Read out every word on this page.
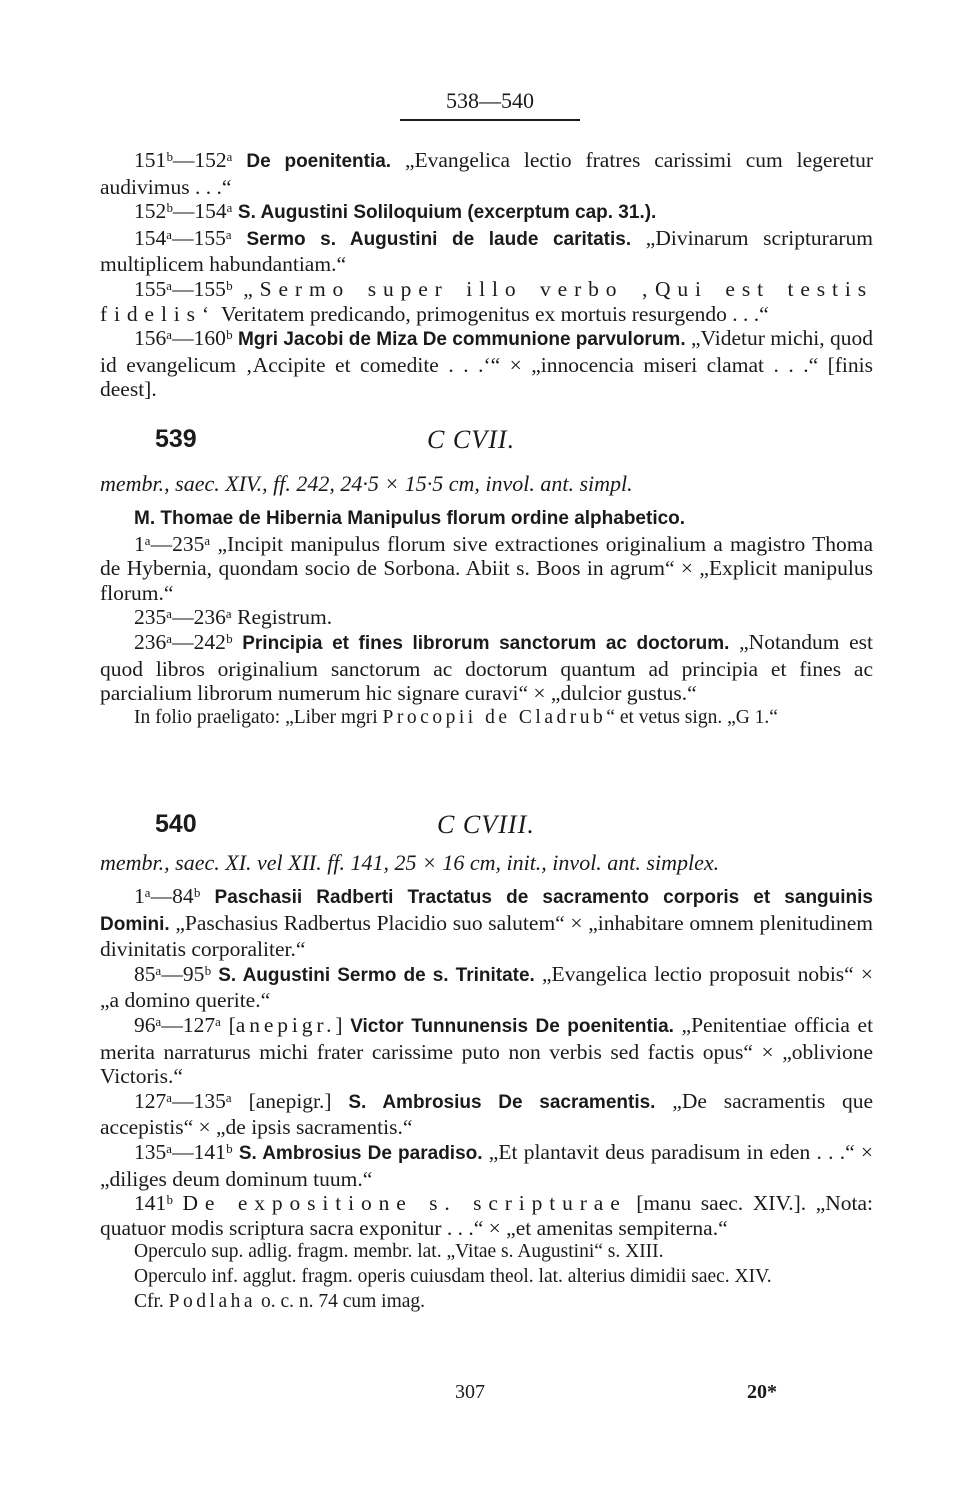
538—540

151ᵇ—152ᵃ De poenitentia. „Evangelica lectio fratres carissimi cum legeretur audivimus . . .“

152ᵇ—154ᵃ S. Augustini Soliloquium (excerptum cap. 31.).

154ᵃ—155ᵃ Sermo s. Augustini de laude caritatis. „Divinarum scripturarum multiplicem habundantiam.“

155ᵃ—155ᵇ „Sermo super illo verbo ‚Qui est testis fidelis‘ Veritatem predicando, primogenitus ex mortuis resurgendo . . .“

156ᵃ—160ᵇ Mgri Jacobi de Miza De communione parvulorum. „Videtur michi, quod id evangelicum ‚Accipite et comedite . . .‘“ × „innocencia miseri clamat . . .“ [finis deest].

539	C CVII.
membr., saec. XIV., ff. 242, 24·5 × 15·5 cm, invol. ant. simpl.

M. Thomae de Hibernia Manipulus florum ordine alphabetico.

1ᵃ—235ᵃ „Incipit manipulus florum sive extractiones originalium a magistro Thoma de Hybernia, quondam socio de Sorbona. Abiit s. Boos in agrum“ × „Explicit manipulus florum.“

235ᵃ—236ᵃ Registrum.

236ᵃ—242ᵇ Principia et fines librorum sanctorum ac doctorum. „Notandum est quod libros originalium sanctorum ac doctorum quantum ad principia et fines ac parcialium librorum numerum hic signare curavi“ × „dulcior gustus.“

In folio praeligato: „Liber mgri Procopii de Cladrub“ et vetus sign. „G 1.“

540	C CVIII.
membr., saec. XI. vel XII. ff. 141, 25 × 16 cm, init., invol. ant. simplex.

1ᵃ—84ᵇ Paschasii Radberti Tractatus de sacramento corporis et sanguinis Domini. „Paschasius Radbertus Placidio suo salutem“ × „inhabitare omnem plenitudinem divinitatis corporaliter.“

85ᵃ—95ᵇ S. Augustini Sermo de s. Trinitate. „Evangelica lectio proposuit nobis“ × „a domino querite.“

96ᵃ—127ᵃ [anepigr.] Victor Tunnunensis De poenitentia. „Penitentiae officia et merita narraturus michi frater carissime puto non verbis sed factis opus“ × „oblivione Victoris.“

127ᵃ—135ᵃ [anepigr.] S. Ambrosius De sacramentis. „De sacramentis que accepistis“ × „de ipsis sacramentis.“

135ᵃ—141ᵇ S. Ambrosius De paradiso. „Et plantavit deus paradisum in eden . . .“ × „diliges deum dominum tuum.“

141ᵇ De expositione s. scripturae [manu saec. XIV.]. „Nota: quatuor modis scriptura sacra exponitur . . .“ × „et amenitas sempiterna.“

Operculo sup. adlig. fragm. membr. lat. „Vitae s. Augustini“ s. XIII.

Operculo inf. agglut. fragm. operis cuiusdam theol. lat. alterius dimidii saec. XIV.

Cfr. Podlaha o. c. n. 74 cum imag.

307	20*
